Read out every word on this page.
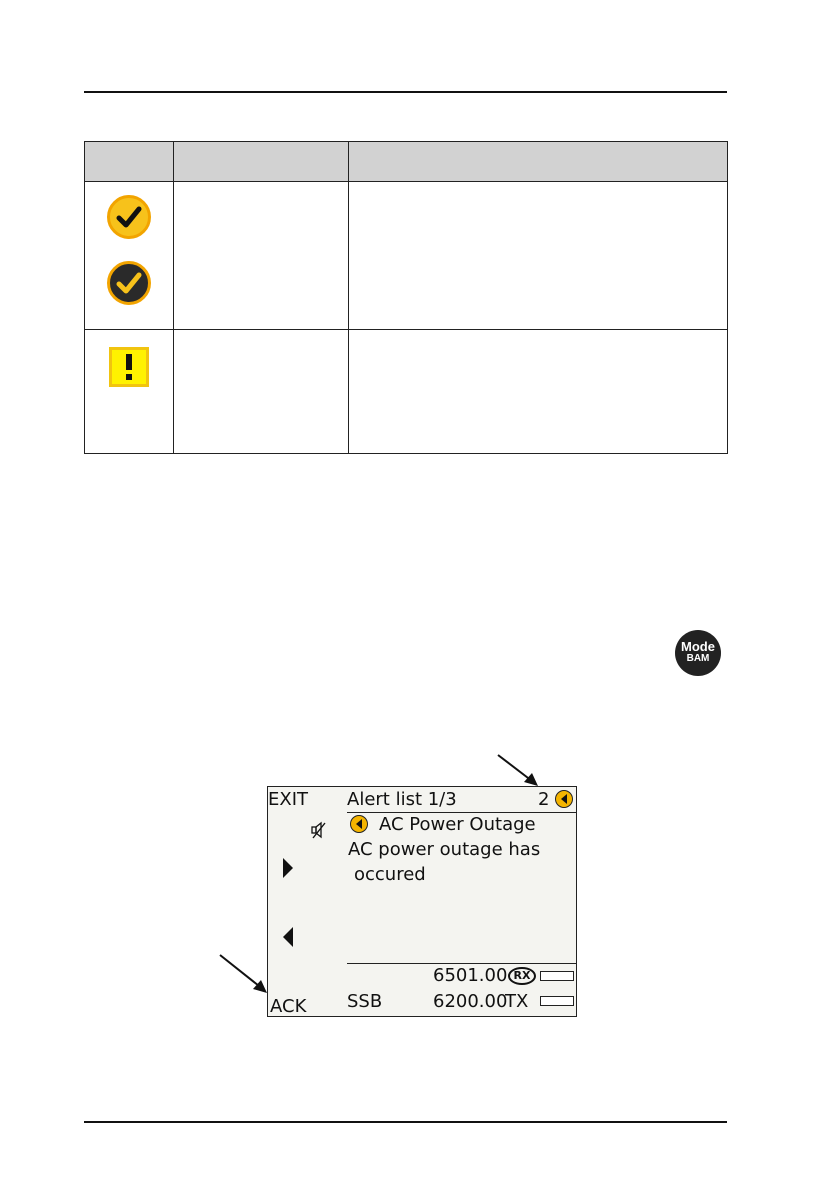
Mode
BAM
EXIT Alert list 1/3	2
AC Power Outage
AC power outage has
occured
6501.00 RX
ACK SSB	6200.00
TX
